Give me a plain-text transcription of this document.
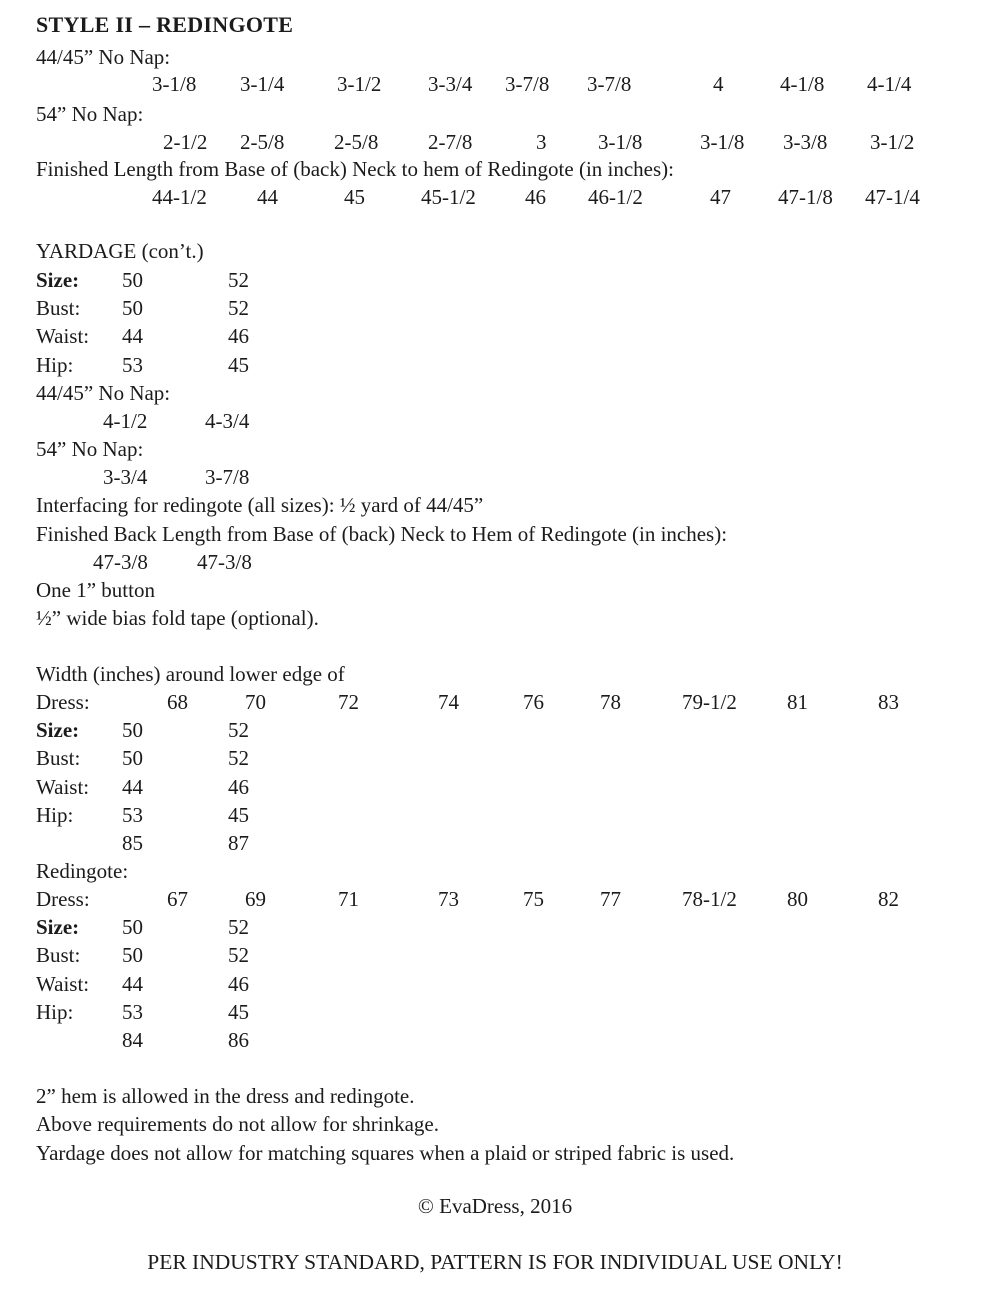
STYLE II – REDINGOTE
44/45” No Nap:
3-1/8 3-1/4	3-1/2 3-3/4 3-7/8 3-7/8	4	4-1/8 4-1/4
54” No Nap:
2-1/2 2-5/8 2-5/8 2-7/8	3 3-1/8	3-1/8 3-3/8 3-1/2
Finished Length from Base of (back) Neck to hem of Redingote (in inches):
44-1/2 44	45	45-1/2 46 46-1/2	47 47-1/8 47-1/4
YARDAGE (con’t.)
Size: 50	52
Bust: 50	52
Waist: 44	46
Hip: 53	45
44/45” No Nap:
4-1/2	4-3/4
54” No Nap:
3-3/4	3-7/8
Interfacing for redingote (all sizes): ½ yard of 44/45”
Finished Back Length from Base of (back) Neck to Hem of Redingote (in inches):
47-3/8 47-3/8
One 1” button
½” wide bias fold tape (optional).
Width (inches) around lower edge of
Dress:	68	70	72	74	76	78	79-1/2 81	83
Size: 50	52
Bust: 50	52
Waist: 44	46
Hip: 53	45
85	87
Redingote:
Dress:	67	69	71	73	75	77	78-1/2 80	82
Size: 50	52
Bust: 50	52
Waist: 44	46
Hip: 53	45
84	86
2” hem is allowed in the dress and redingote.
Above requirements do not allow for shrinkage.
Yardage does not allow for matching squares when a plaid or striped fabric is used.
© EvaDress, 2016
PER INDUSTRY STANDARD, PATTERN IS FOR INDIVIDUAL USE ONLY!
